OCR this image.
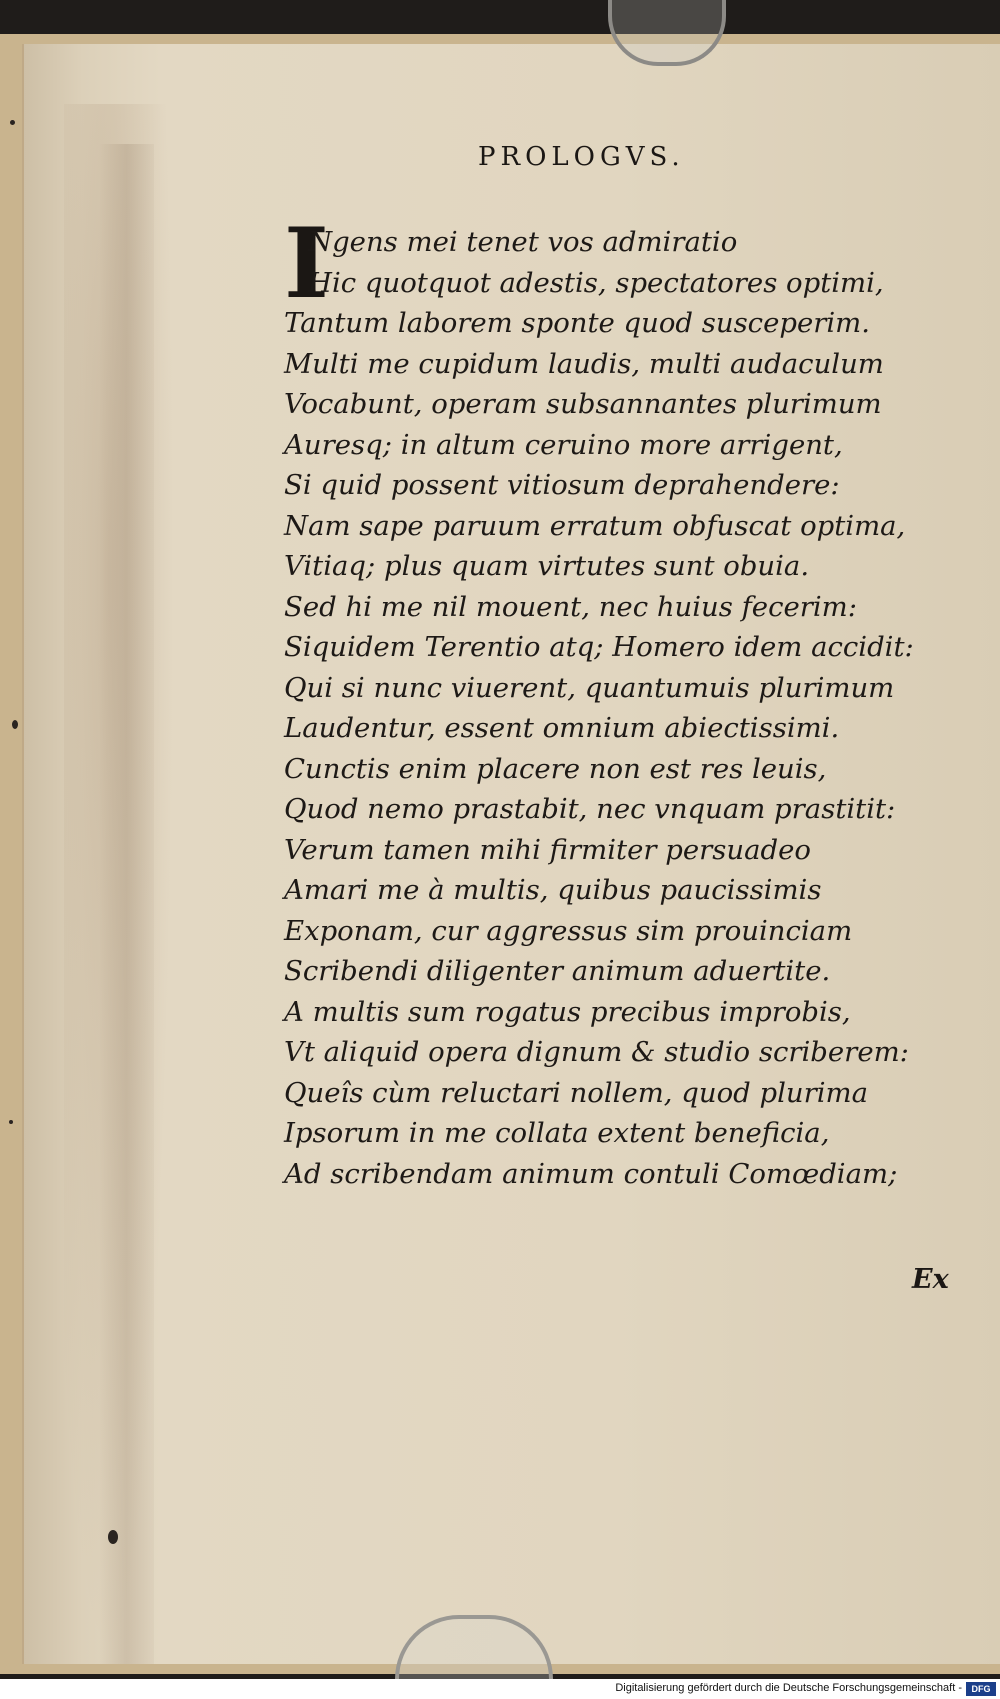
PROLOGVS.
I
Ngens mei tenet vos admiratio
Hic quotquot adestis, spectatores optimi,
Tantum laborem sponte quod susceperim.
Multi me cupidum laudis, multi audaculum
Vocabunt, operam subsannantes plurimum
Auresq; in altum ceruino more arrigent,
Si quid possent vitiosum deprahendere:
Nam sape paruum erratum obfuscat optima,
Vitiaq; plus quam virtutes sunt obuia.
Sed hi me nil mouent, nec huius fecerim:
Siquidem Terentio atq; Homero idem accidit:
Qui si nunc viuerent, quantumuis plurimum
Laudentur, essent omnium abiectissimi.
Cunctis enim placere non est res leuis,
Quod nemo prastabit, nec vnquam prastitit:
Verum tamen mihi firmiter persuadeo
Amari me à multis, quibus paucissimis
Exponam, cur aggressus sim prouinciam
Scribendi diligenter animum aduertite.
A multis sum rogatus precibus improbis,
Vt aliquid opera dignum & studio scriberem:
Queîs cùm reluctari nollem, quod plurima
Ipsorum in me collata extent beneficia,
Ad scribendam animum contuli Comœdiam;
Ex
Digitalisierung gefördert durch die Deutsche Forschungsgemeinschaft -	DFG
